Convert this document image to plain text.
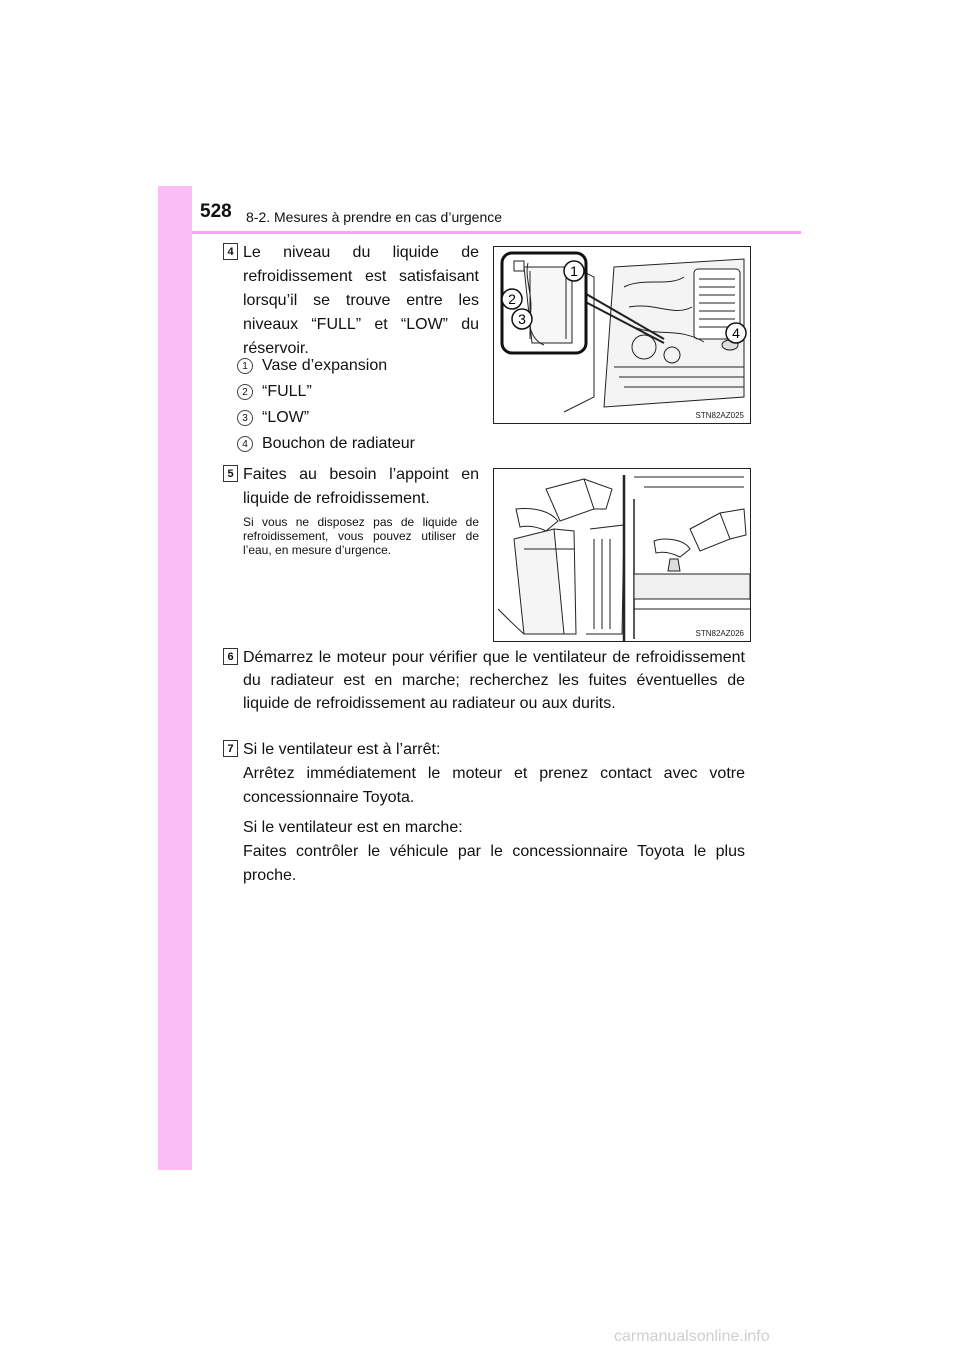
528 8-2. Mesures à prendre en cas d’urgence
4 Le niveau du liquide de refroidissement est satisfaisant lorsqu’il se trouve entre les niveaux “FULL” et “LOW” du réservoir.
1 Vase d’expansion
2 “FULL”
3 “LOW”
4 Bouchon de radiateur
1
2
3
4
STN82AZ025
5 Faites au besoin l’appoint en liquide de refroidissement.
Si vous ne disposez pas de liquide de refroidissement, vous pouvez utiliser de l’eau, en mesure d’urgence.
STN82AZ026
6 Démarrez le moteur pour vérifier que le ventilateur de refroidissement du radiateur est en marche; recherchez les fuites éventuelles de liquide de refroidissement au radiateur ou aux durits.
7 Si le ventilateur est à l’arrêt:
Arrêtez immédiatement le moteur et prenez contact avec votre concessionnaire Toyota.
Si le ventilateur est en marche:
Faites contrôler le véhicule par le concessionnaire Toyota le plus proche.
carmanualsonline.info
